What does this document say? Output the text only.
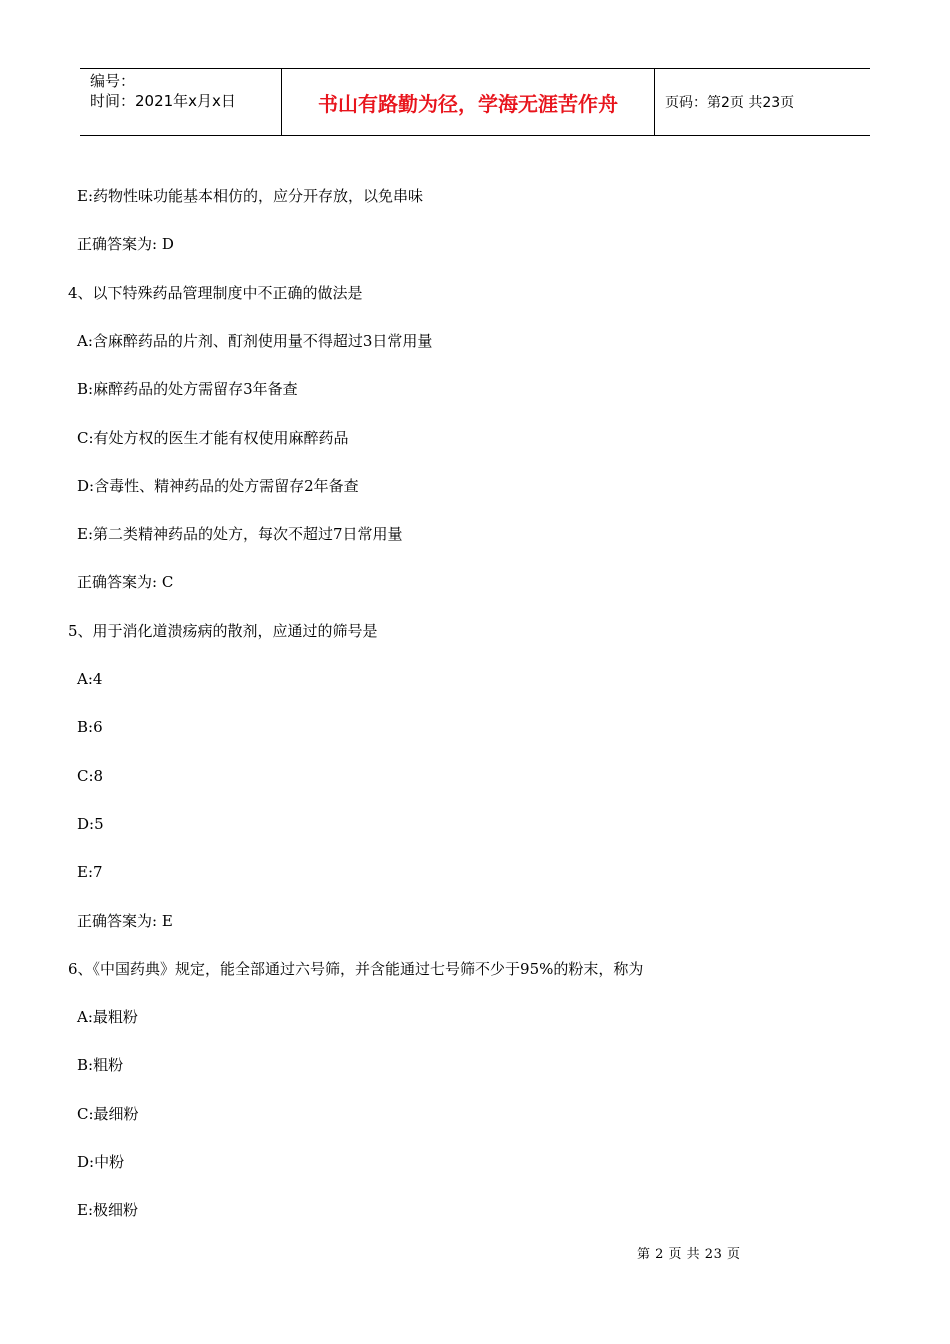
编号：
时间：2021年x月x日	书山有路勤为径，学海无涯苦作舟	页码：第2页 共23页
E:药物性味功能基本相仿的，应分开存放，以免串味
正确答案为: D
4、以下特殊药品管理制度中不正确的做法是
A:含麻醉药品的片剂、酊剂使用量不得超过3日常用量
B:麻醉药品的处方需留存3年备查
C:有处方权的医生才能有权使用麻醉药品
D:含毒性、精神药品的处方需留存2年备查
E:第二类精神药品的处方，每次不超过7日常用量
正确答案为: C
5、用于消化道溃疡病的散剂，应通过的筛号是
A:4
B:6
C:8
D:5
E:7
正确答案为: E
6、《中国药典》规定，能全部通过六号筛，并含能通过七号筛不少于95%的粉末，称为
A:最粗粉
B:粗粉
C:最细粉
D:中粉
E:极细粉
第 2 页 共 23 页
